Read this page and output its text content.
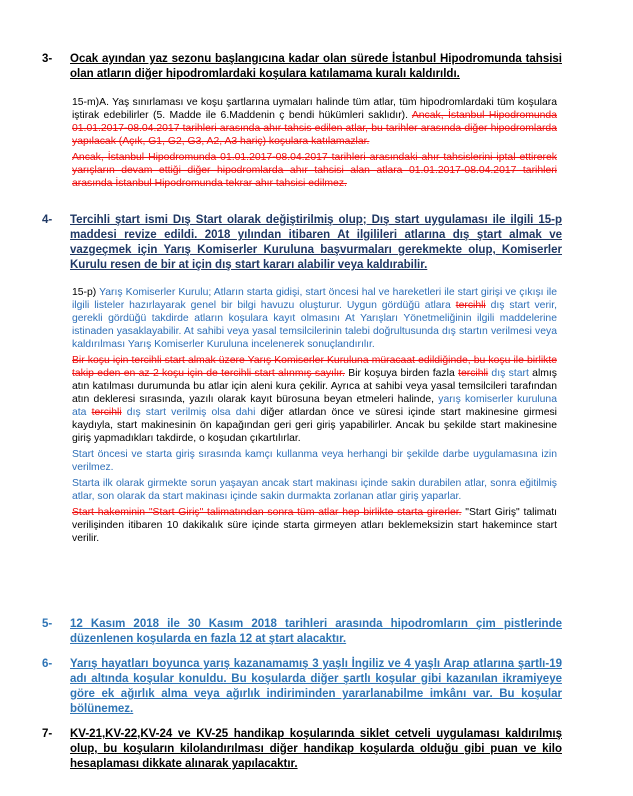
3-	Ocak ayından yaz sezonu başlangıcına kadar olan sürede İstanbul Hipodromunda tahsisi olan atların diğer hipodromlardaki koşulara katılamama kuralı kaldırıldı.

15-m)A. Yaş sınırlaması ve koşu şartlarına uymaları halinde tüm atlar, tüm hipodromlardaki tüm koşulara iştirak edebilirler (5. Madde ile 6.Maddenin ç bendi hükümleri saklıdır). Ancak, İstanbul Hipodromunda 01.01.2017-08.04.2017 tarihleri arasında ahır tahsis edilen atlar, bu tarihler arasında diğer hipodromlarda yapılacak (Açık, G1, G2, G3, A2, A3 hariç) koşulara katılamazlar.

Ancak, İstanbul Hipodromunda 01.01.2017-08.04.2017 tarihleri arasındaki ahır tahsislerini iptal ettirerek yarışların devam ettiği diğer hipodromlarda ahır tahsisi alan atlara 01.01.2017-08.04.2017 tarihleri arasında İstanbul Hipodromunda tekrar ahır tahsisi edilmez.

4-	Tercihli ştart ismi Dış Start olarak değiştirilmiş olup; Dış start uygulaması ile ilgili 15-p maddesi revize edildi. 2018 yılından itibaren At ilgilileri atlarına dış ştart almak ve vazgeçmek için Yarış Komiserler Kuruluna başvurmaları gerekmekte olup, Komiserler Kurulu resen de bir at için dış start kararı alabilir veya kaldırabilir.

15-p) Yarış Komiserler Kurulu; Atların starta gidişi, start öncesi hal ve hareketleri ile start girişi ve çıkışı ile ilgili listeler hazırlayarak genel bir bilgi havuzu oluşturur. Uygun gördüğü atlara tercihli dış start verir, gerekli gördüğü takdirde atların koşulara kayıt olmasını At Yarışları Yönetmeliğinin ilgili maddelerine istinaden yasaklayabilir. At sahibi veya yasal temsilcilerinin talebi doğrultusunda dış startın verilmesi veya kaldırılması Yarış Komiserler Kuruluna incelenerek sonuçlandırılır.

Bir koşu için tercihli start almak üzere Yarış Komiserler Kuruluna müracaat edildiğinde, bu koşu ile birlikte takip eden en az 2 koşu için de tercihli start alınmış sayılır. Bir koşuya birden fazla tercihli dış start almış atın katılması durumunda bu atlar için aleni kura çekilir. Ayrıca at sahibi veya yasal temsilcileri tarafından atın dekleresi sırasında, yazılı olarak kayıt bürosuna beyan etmeleri halinde, yarış komiserler kuruluna ata tercihli dış start verilmiş olsa dahi diğer atlardan önce ve süresi içinde start makinesine girmesi kaydıyla, start makinesinin ön kapağından geri geri giriş yapabilirler. Ancak bu şekilde start makinesine giriş yapmadıkları takdirde, o koşudan çıkartılırlar.

Start öncesi ve starta giriş sırasında kamçı kullanma veya herhangi bir şekilde darbe uygulamasına izin verilmez.

Starta ilk olarak girmekte sorun yaşayan ancak start makinası içinde sakin durabilen atlar, sonra eğitilmiş atlar, son olarak da start makinası içinde sakin durmakta zorlanan atlar giriş yaparlar.

Start hakeminin "Start Giriş" talimatından sonra tüm atlar hep birlikte starta girerler. "Start Giriş" talimatı verilişinden itibaren 10 dakikalık süre içinde starta girmeyen atları beklemeksizin start hakemince start verilir.

5-	12 Kasım 2018 ile 30 Kasım 2018 tarihleri arasında hipodromların çim pistlerinde düzenlenen koşularda en fazla 12 at ştart alacaktır.
6-	Yarış hayatları boyunca yarış kazanamamış 3 yaşlı İngiliz ve 4 yaşlı Arap atlarına şartlı-19 adı altında koşular konuldu. Bu koşularda diğer şartlı koşular gibi kazanılan ikramiyeye göre ek ağırlık alma veya ağırlık indiriminden yararlanabilme imkânı var. Bu koşular bölünemez.
7-	KV-21,KV-22,KV-24 ve KV-25 handikap koşularında siklet cetveli uygulaması kaldırılmış olup, bu koşuların kilolandırılması diğer handikap koşularda olduğu gibi puan ve kilo hesaplaması dikkate alınarak yapılacaktır.
